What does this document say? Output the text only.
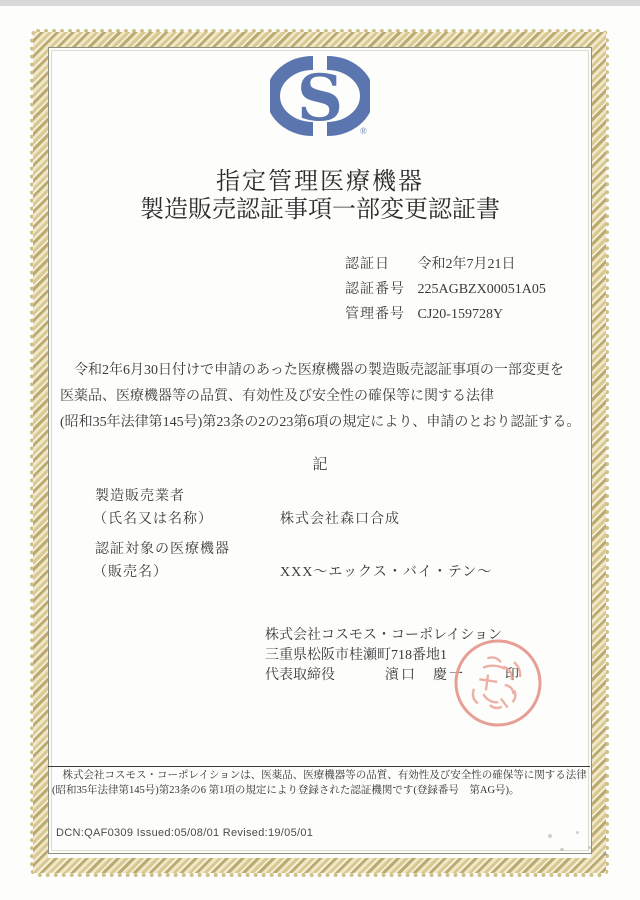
S ®
指定管理医療機器
製造販売認証事項一部変更認証書
認証日 令和2年7月21日
認証番号 225AGBZX00051A05
管理番号 CJ20-159728Y
　令和2年6月30日付けで申請のあった医療機器の製造販売認証事項の一部変更を
医薬品、医療機器等の品質、有効性及び安全性の確保等に関する法律
(昭和35年法律第145号)第23条の2の23第6項の規定により、申請のとおり認証する。
記
製造販売業者
（氏名又は名称）	株式会社森口合成
認証対象の医療機器
（販売名）	XXX～エックス・バイ・テン～
株式会社コスモス・コーポレイション
三重県松阪市桂瀬町718番地1
代表取締役	濱口　慶一	印
　株式会社コスモス・コーポレイションは、医薬品、医療機器等の品質、有効性及び安全性の確保等に関する法律
(昭和35年法律第145号)第23条の6 第1項の規定により登録された認証機関です(登録番号　第AG号)。
DCN:QAF0309 Issued:05/08/01 Revised:19/05/01
